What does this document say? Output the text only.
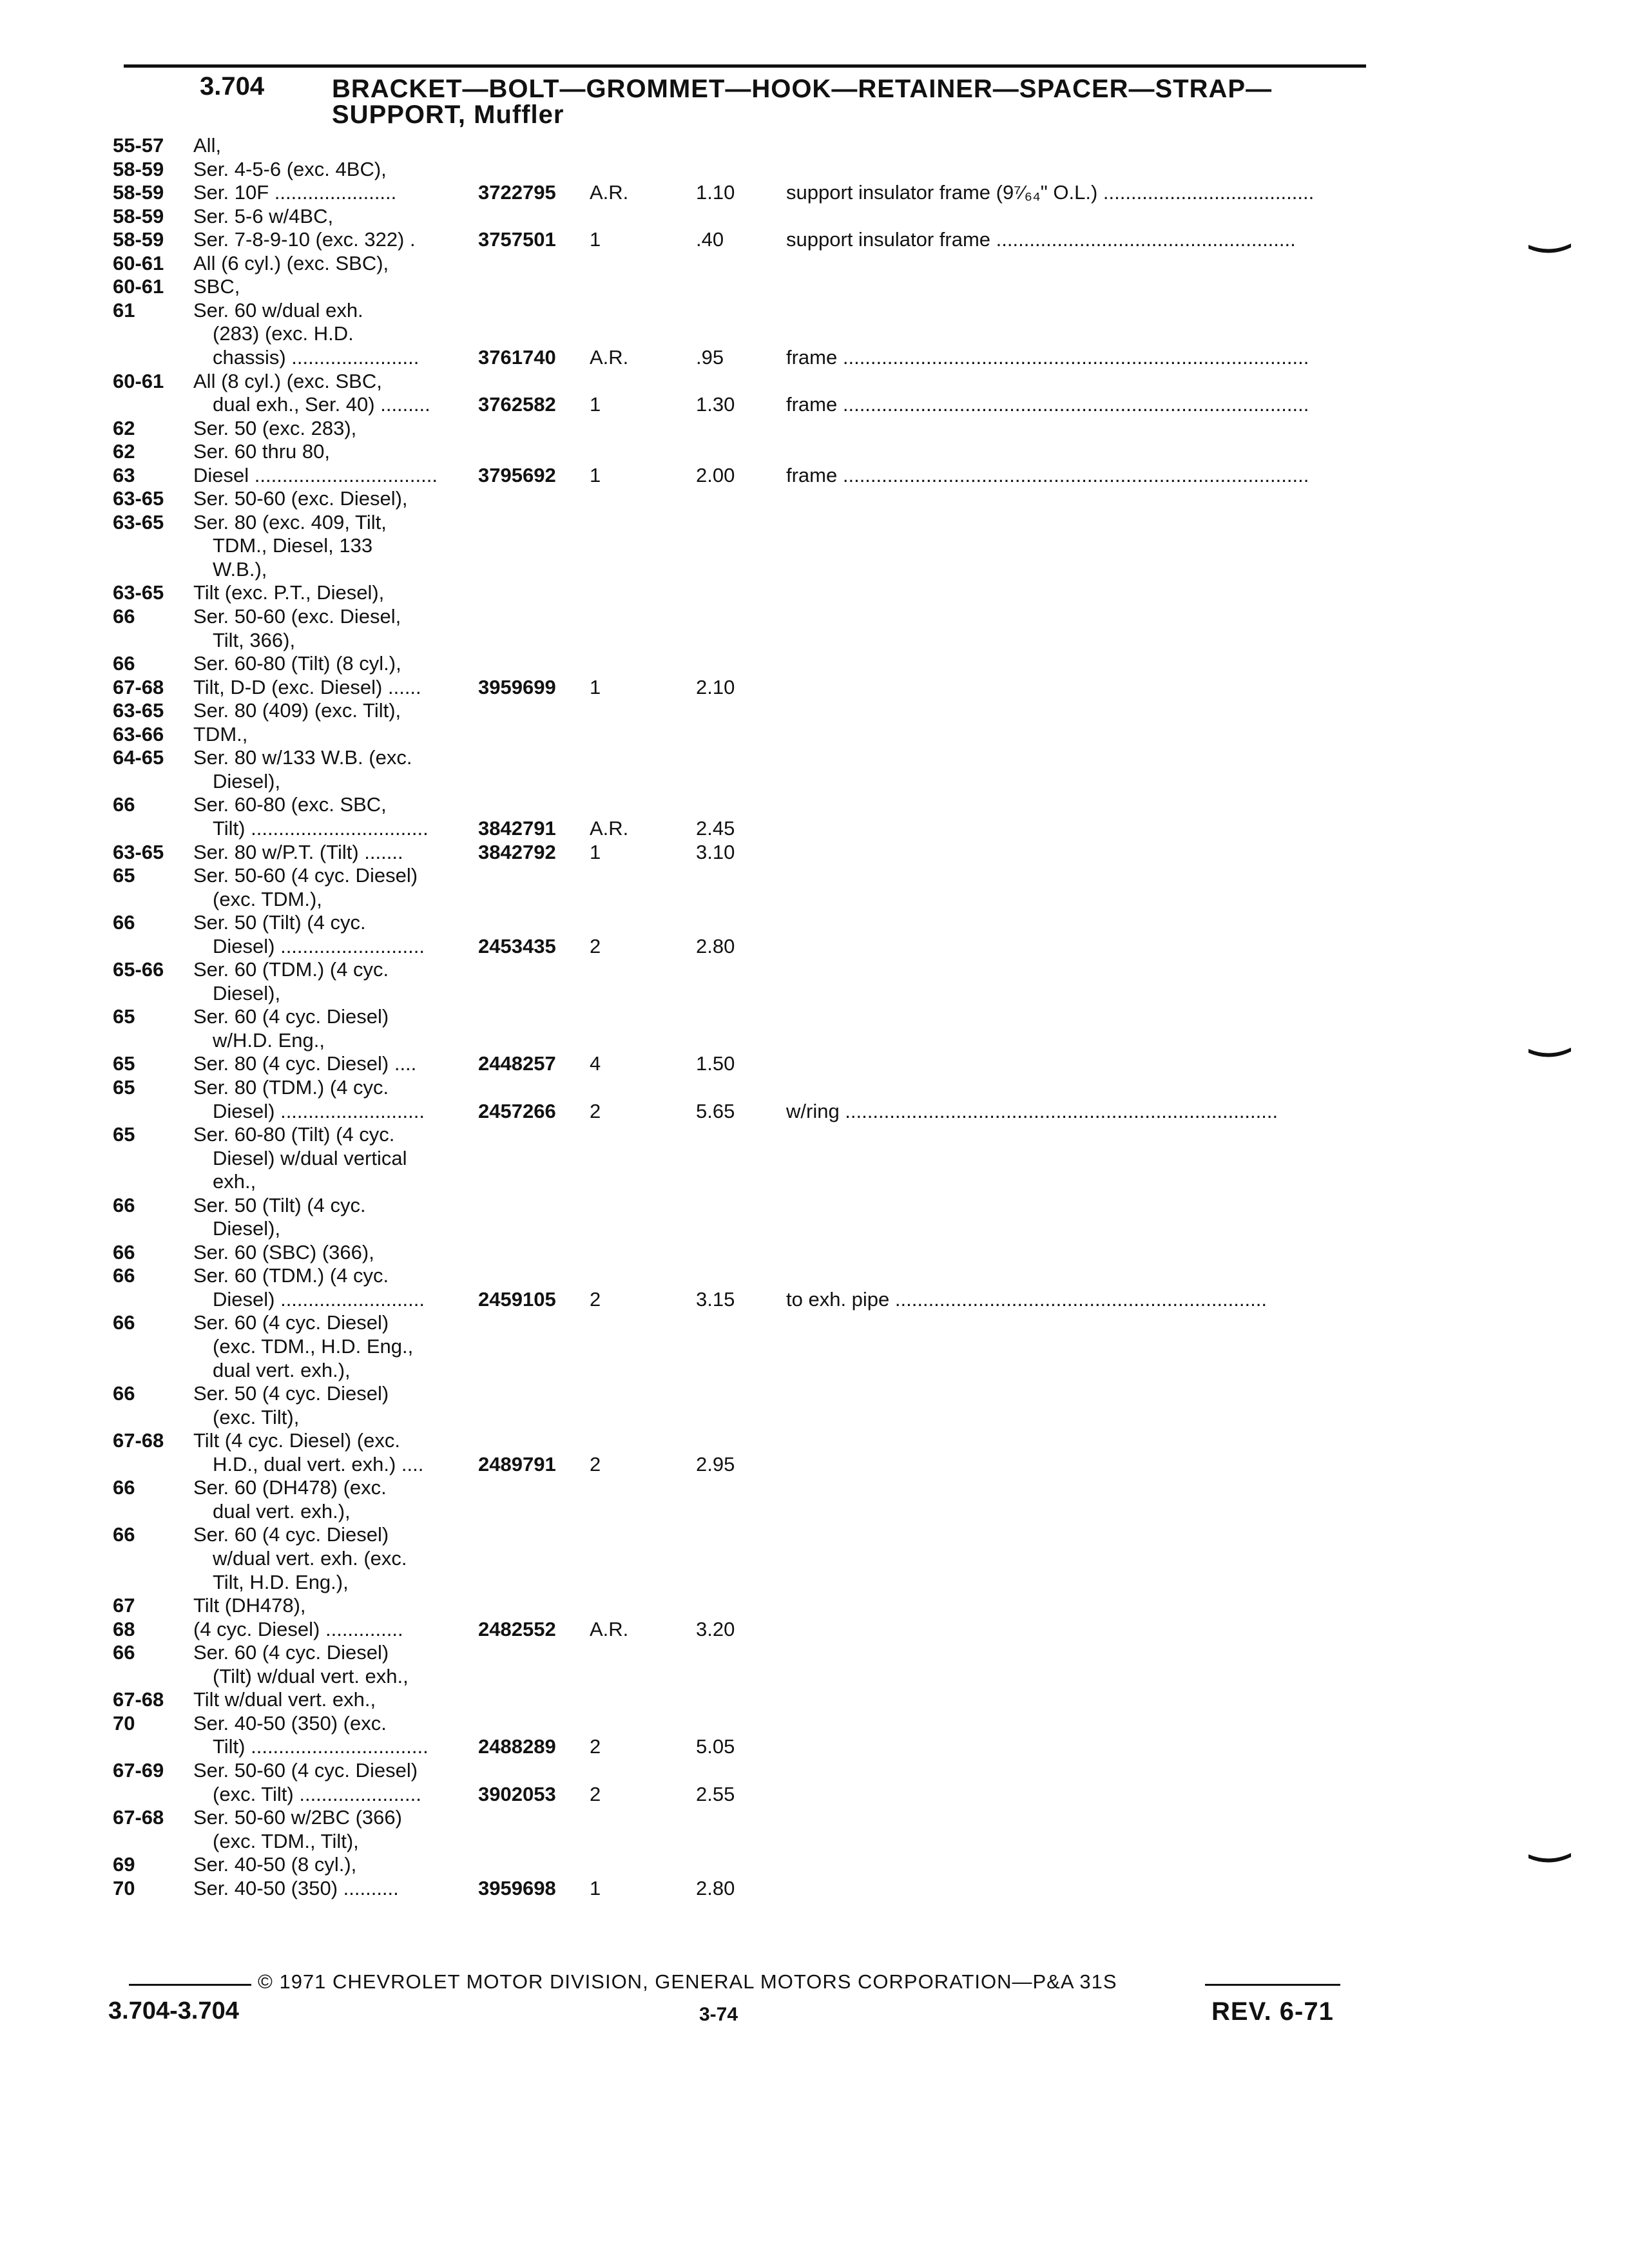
3.704	BRACKET—BOLT—GROMMET—HOOK—RETAINER—SPACER—STRAP— SUPPORT, Muffler
55-57	All,
58-59	Ser. 4-5-6 (exc. 4BC),
58-59	Ser. 10F ......................	3722795	A.R.	1.10	support insulator frame (9⁷⁄₆₄" O.L.) ......................................
58-59	Ser. 5-6 w/4BC,
58-59	Ser. 7-8-9-10 (exc. 322) .	3757501	1	.40	support insulator frame ......................................................
60-61	All (6 cyl.) (exc. SBC),
60-61	SBC,
61	Ser. 60 w/dual exh.
(283) (exc. H.D.
chassis) .......................	3761740	A.R.	.95	frame ....................................................................................
60-61	All (8 cyl.) (exc. SBC,
dual exh., Ser. 40) .........	3762582	1	1.30	frame ....................................................................................
62	Ser. 50 (exc. 283),
62	Ser. 60 thru 80,
63	Diesel .................................	3795692	1	2.00	frame ....................................................................................
63-65	Ser. 50-60 (exc. Diesel),
63-65	Ser. 80 (exc. 409, Tilt,
TDM., Diesel, 133
W.B.),
63-65	Tilt (exc. P.T., Diesel),
66	Ser. 50-60 (exc. Diesel,
Tilt, 366),
66	Ser. 60-80 (Tilt) (8 cyl.),
67-68	Tilt, D-D (exc. Diesel) ......	3959699	1	2.10
63-65	Ser. 80 (409) (exc. Tilt),
63-66	TDM.,
64-65	Ser. 80 w/133 W.B. (exc.
Diesel),
66	Ser. 60-80 (exc. SBC,
Tilt) ................................	3842791	A.R.	2.45
63-65	Ser. 80 w/P.T. (Tilt) .......	3842792	1	3.10
65	Ser. 50-60 (4 cyc. Diesel)
(exc. TDM.),
66	Ser. 50 (Tilt) (4 cyc.
Diesel) ..........................	2453435	2	2.80
65-66	Ser. 60 (TDM.) (4 cyc.
Diesel),
65	Ser. 60 (4 cyc. Diesel)
w/H.D. Eng.,
65	Ser. 80 (4 cyc. Diesel) ....	2448257	4	1.50
65	Ser. 80 (TDM.) (4 cyc.
Diesel) ..........................	2457266	2	5.65	w/ring ..............................................................................
65	Ser. 60-80 (Tilt) (4 cyc.
Diesel) w/dual vertical
exh.,
66	Ser. 50 (Tilt) (4 cyc.
Diesel),
66	Ser. 60 (SBC) (366),
66	Ser. 60 (TDM.) (4 cyc.
Diesel) ..........................	2459105	2	3.15	to exh. pipe ...................................................................
66	Ser. 60 (4 cyc. Diesel)
(exc. TDM., H.D. Eng.,
dual vert. exh.),
66	Ser. 50 (4 cyc. Diesel)
(exc. Tilt),
67-68	Tilt (4 cyc. Diesel) (exc.
H.D., dual vert. exh.) ....	2489791	2	2.95
66	Ser. 60 (DH478) (exc.
dual vert. exh.),
66	Ser. 60 (4 cyc. Diesel)
w/dual vert. exh. (exc.
Tilt, H.D. Eng.),
67	Tilt (DH478),
68	(4 cyc. Diesel) ..............	2482552	A.R.	3.20
66	Ser. 60 (4 cyc. Diesel)
(Tilt) w/dual vert. exh.,
67-68	Tilt w/dual vert. exh.,
70	Ser. 40-50 (350) (exc.
Tilt) ................................	2488289	2	5.05
67-69	Ser. 50-60 (4 cyc. Diesel)
(exc. Tilt) ......................	3902053	2	2.55
67-68	Ser. 50-60 w/2BC (366)
(exc. TDM., Tilt),
69	Ser. 40-50 (8 cyl.),
70	Ser. 40-50 (350) ..........	3959698	1	2.80
© 1971 CHEVROLET MOTOR DIVISION, GENERAL MOTORS CORPORATION—P&A 31S
3.704-3.704	3-74	REV. 6-71
